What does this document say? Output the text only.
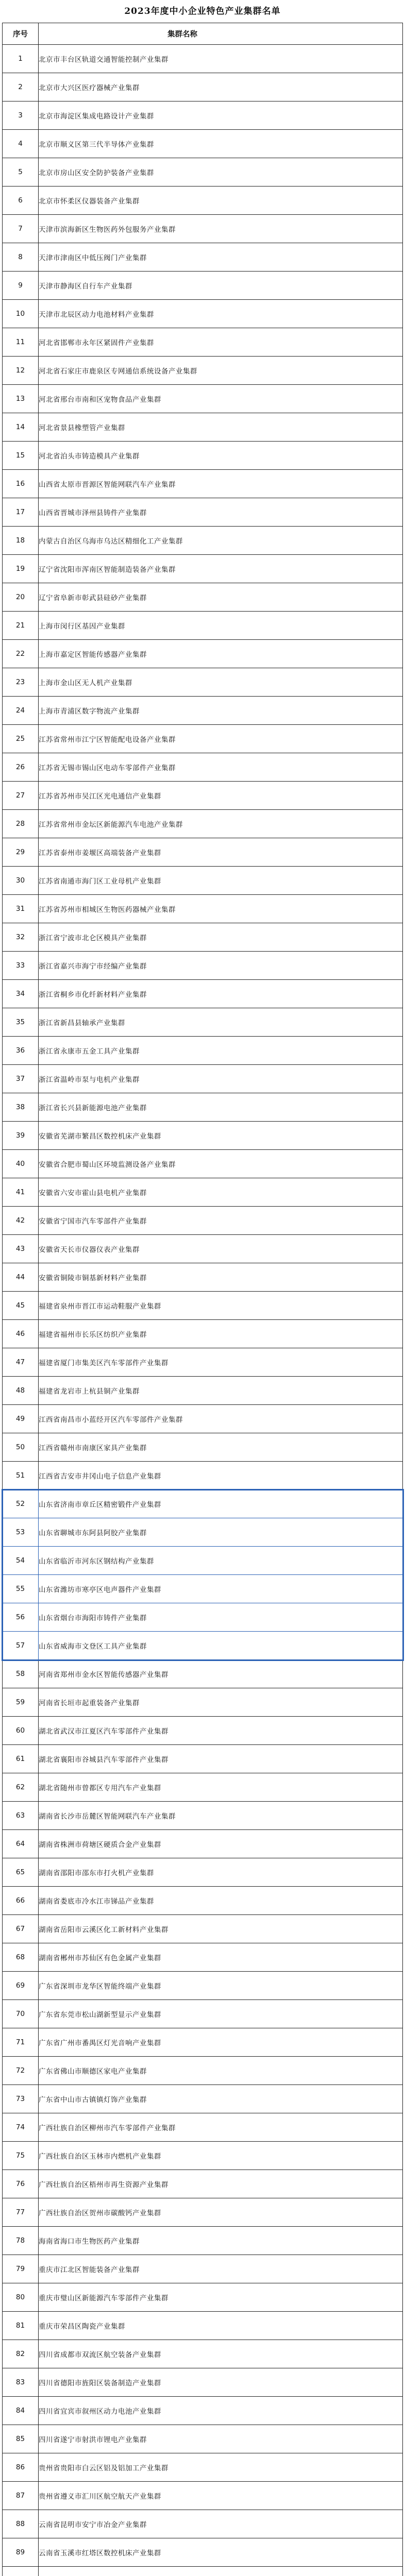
2023年度中小企业特色产业集群名单
序号	集群名称
1	北京市丰台区轨道交通智能控制产业集群
2	北京市大兴区医疗器械产业集群
3	北京市海淀区集成电路设计产业集群
4	北京市顺义区第三代半导体产业集群
5	北京市房山区安全防护装备产业集群
6	北京市怀柔区仪器装备产业集群
7	天津市滨海新区生物医药外包服务产业集群
8	天津市津南区中低压阀门产业集群
9	天津市静海区自行车产业集群
10	天津市北辰区动力电池材料产业集群
11	河北省邯郸市永年区紧固件产业集群
12	河北省石家庄市鹿泉区专网通信系统设备产业集群
13	河北省邢台市南和区宠物食品产业集群
14	河北省景县橡塑管产业集群
15	河北省泊头市铸造模具产业集群
16	山西省太原市晋源区智能网联汽车产业集群
17	山西省晋城市泽州县铸件产业集群
18	内蒙古自治区乌海市乌达区精细化工产业集群
19	辽宁省沈阳市浑南区智能制造装备产业集群
20	辽宁省阜新市彰武县硅砂产业集群
21	上海市闵行区基因产业集群
22	上海市嘉定区智能传感器产业集群
23	上海市金山区无人机产业集群
24	上海市青浦区数字物流产业集群
25	江苏省常州市江宁区智能配电设备产业集群
26	江苏省无锡市锡山区电动车零部件产业集群
27	江苏省苏州市吴江区光电通信产业集群
28	江苏省常州市金坛区新能源汽车电池产业集群
29	江苏省泰州市姜堰区高端装备产业集群
30	江苏省南通市海门区工业母机产业集群
31	江苏省苏州市相城区生物医药器械产业集群
32	浙江省宁波市北仑区模具产业集群
33	浙江省嘉兴市海宁市经编产业集群
34	浙江省桐乡市化纤新材料产业集群
35	浙江省新昌县轴承产业集群
36	浙江省永康市五金工具产业集群
37	浙江省温岭市泵与电机产业集群
38	浙江省长兴县新能源电池产业集群
39	安徽省芜湖市繁昌区数控机床产业集群
40	安徽省合肥市蜀山区环境监测设备产业集群
41	安徽省六安市霍山县电机产业集群
42	安徽省宁国市汽车零部件产业集群
43	安徽省天长市仪器仪表产业集群
44	安徽省铜陵市铜基新材料产业集群
45	福建省泉州市晋江市运动鞋服产业集群
46	福建省福州市长乐区纺织产业集群
47	福建省厦门市集美区汽车零部件产业集群
48	福建省龙岩市上杭县铜产业集群
49	江西省南昌市小蓝经开区汽车零部件产业集群
50	江西省赣州市南康区家具产业集群
51	江西省吉安市井冈山电子信息产业集群
52	山东省济南市章丘区精密锻件产业集群
53	山东省聊城市东阿县阿胶产业集群
54	山东省临沂市河东区钢结构产业集群
55	山东省潍坊市寒亭区电声器件产业集群
56	山东省烟台市海阳市铸件产业集群
57	山东省威海市文登区工具产业集群
58	河南省郑州市金水区智能传感器产业集群
59	河南省长垣市起重装备产业集群
60	湖北省武汉市江夏区汽车零部件产业集群
61	湖北省襄阳市谷城县汽车零部件产业集群
62	湖北省随州市曾都区专用汽车产业集群
63	湖南省长沙市岳麓区智能网联汽车产业集群
64	湖南省株洲市荷塘区硬质合金产业集群
65	湖南省邵阳市邵东市打火机产业集群
66	湖南省娄底市冷水江市锑品产业集群
67	湖南省岳阳市云溪区化工新材料产业集群
68	湖南省郴州市苏仙区有色金属产业集群
69	广东省深圳市龙华区智能终端产业集群
70	广东省东莞市松山湖新型显示产业集群
71	广东省广州市番禺区灯光音响产业集群
72	广东省佛山市顺德区家电产业集群
73	广东省中山市古镇镇灯饰产业集群
74	广西壮族自治区柳州市汽车零部件产业集群
75	广西壮族自治区玉林市内燃机产业集群
76	广西壮族自治区梧州市再生资源产业集群
77	广西壮族自治区贺州市碳酸钙产业集群
78	海南省海口市生物医药产业集群
79	重庆市江北区智能装备产业集群
80	重庆市璧山区新能源汽车零部件产业集群
81	重庆市荣昌区陶瓷产业集群
82	四川省成都市双流区航空装备产业集群
83	四川省德阳市旌阳区装备制造产业集群
84	四川省宜宾市叙州区动力电池产业集群
85	四川省遂宁市射洪市锂电产业集群
86	贵州省贵阳市白云区铝及铝加工产业集群
87	贵州省遵义市汇川区航空航天产业集群
88	云南省昆明市安宁市冶金产业集群
89	云南省玉溪市红塔区数控机床产业集群
